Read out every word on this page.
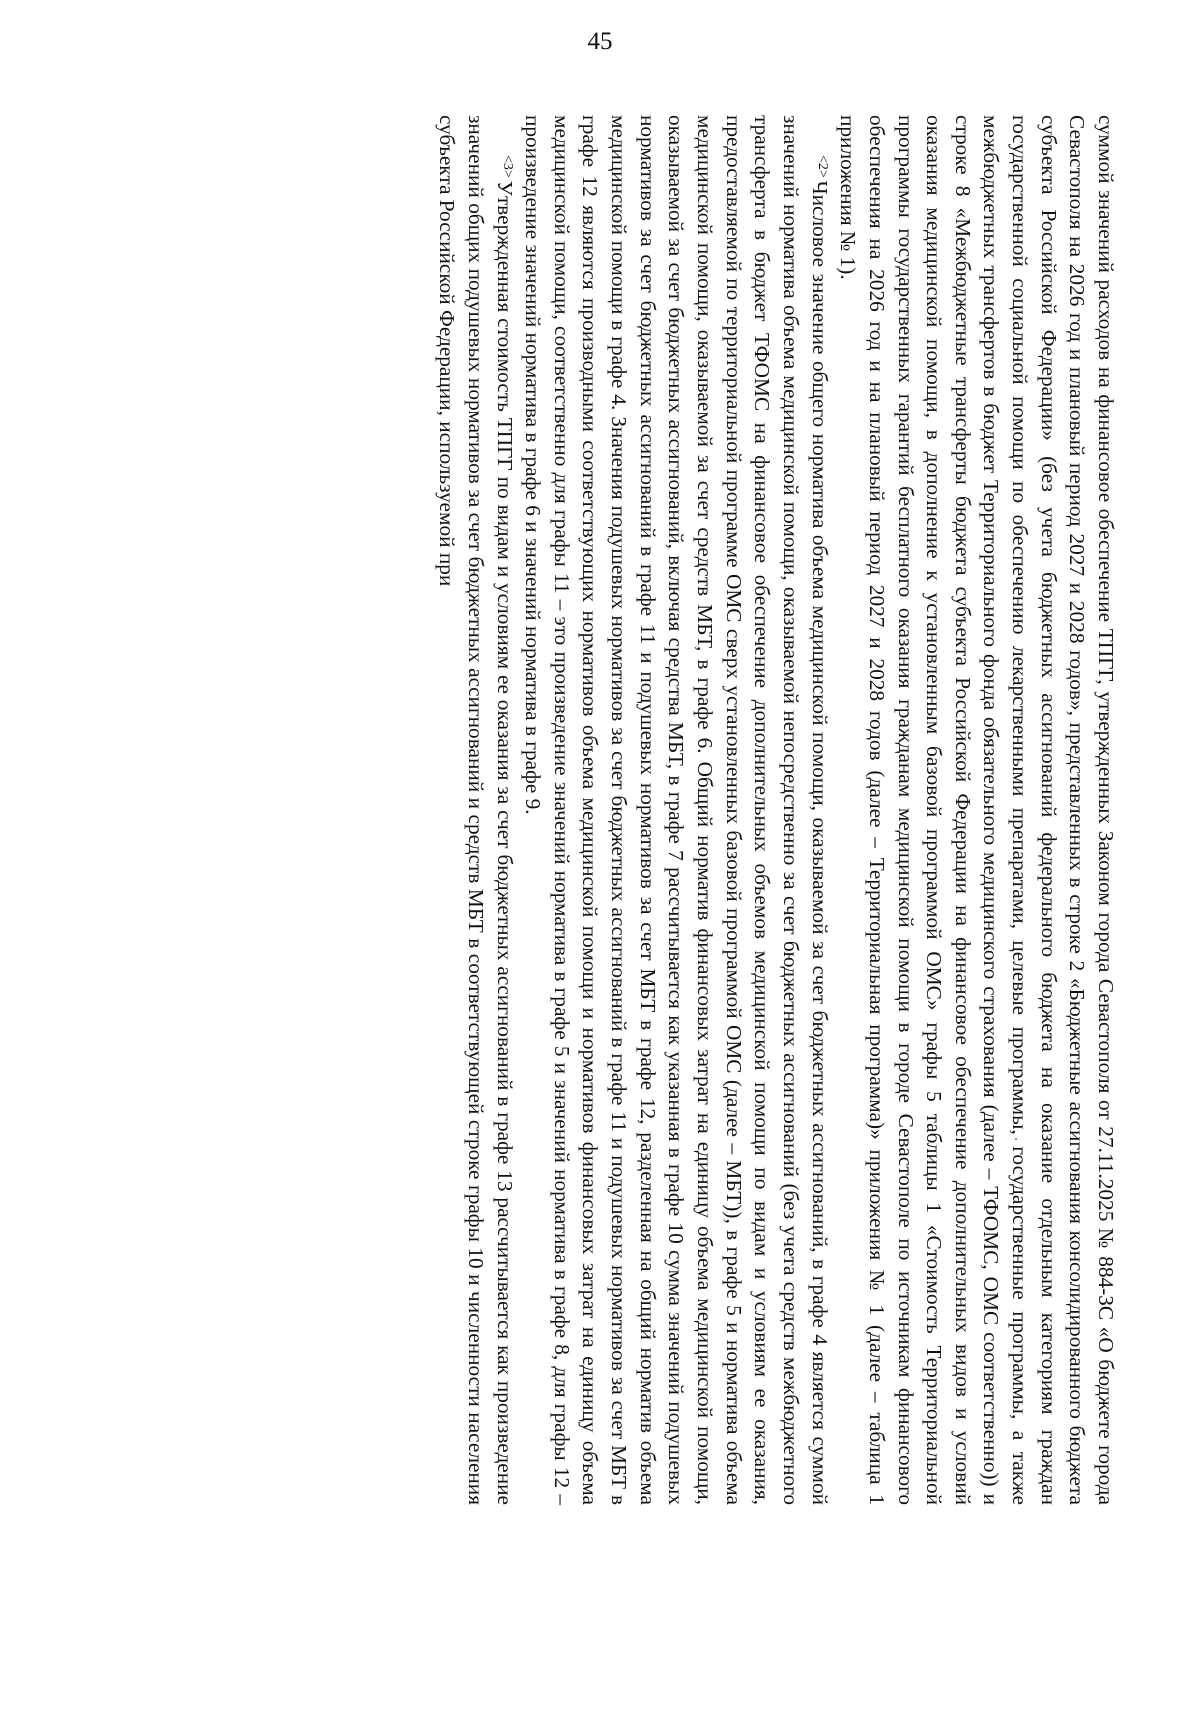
45

суммой значений расходов на финансовое обеспечение ТПГГ, утвержденных Законом города Севастополя от 27.11.2025 № 884-ЗС «О бюджете города Севастополя на 2026 год и плановый период 2027 и 2028 годов», представленных в строке 2 «Бюджетные ассигнования консолидированного бюджета субъекта Российской Федерации» (без учета бюджетных ассигнований федерального бюджета на оказание отдельным категориям граждан государственной социальной помощи по обеспечению лекарственными препаратами, целевые программы, государственные программы, а также межбюджетных трансфертов в бюджет Территориального фонда обязательного медицинского страхования (далее – ТФОМС, ОМС соответственно)) и строке 8 «Межбюджетные трансферты бюджета субъекта Российской Федерации на финансовое обеспечение дополнительных видов и условий оказания медицинской помощи, в дополнение к установленным базовой программой ОМС» графы 5 таблицы 1 «Стоимость Территориальной программы государственных гарантий бесплатного оказания гражданам медицинской помощи в городе Севастополе по источникам финансового обеспечения на 2026 год и на плановый период 2027 и 2028 годов (далее – Территориальная программа)» приложения № 1 (далее – таблица 1 приложения № 1).

$^{<2>}$Числовое значение общего норматива объема медицинской помощи, оказываемой за счет бюджетных ассигнований, в графе 4 является суммой значений норматива объема медицинской помощи, оказываемой непосредственно за счет бюджетных ассигнований (без учета средств межбюджетного трансферта в бюджет ТФОМС на финансовое обеспечение дополнительных объемов медицинской помощи по видам и условиям ее оказания, предоставляемой по территориальной программе ОМС сверх установленных базовой программой ОМС (далее – МБТ)), в графе 5 и норматива объема медицинской помощи, оказываемой за счет средств МБТ, в графе 6. Общий норматив финансовых затрат на единицу объема медицинской помощи, оказываемой за счет бюджетных ассигнований, включая средства МБТ, в графе 7 рассчитывается как указанная в графе 10 сумма значений подушевых нормативов за счет бюджетных ассигнований в графе 11 и подушевых нормативов за счет МБТ в графе 12, разделенная на общий норматив объема медицинской помощи в графе 4. Значения подушевых нормативов за счет бюджетных ассигнований в графе 11 и подушевых нормативов за счет МБТ в графе 12 являются производными соответствующих нормативов объема медицинской помощи и нормативов финансовых затрат на единицу объема медицинской помощи, соответственно для графы 11 – это произведение значений норматива в графе 5 и значений норматива в графе 8, для графы 12 – произведение значений норматива в графе 6 и значений норматива в графе 9.

$^{<3>}$Утвержденная стоимость ТПГГ по видам и условиям ее оказания за счет бюджетных ассигнований в графе 13 рассчитывается как произведение значений общих подушевых нормативов за счет бюджетных ассигнований и средств МБТ в соответствующей строке графы 10 и численности населения субъекта Российской Федерации, используемой при
